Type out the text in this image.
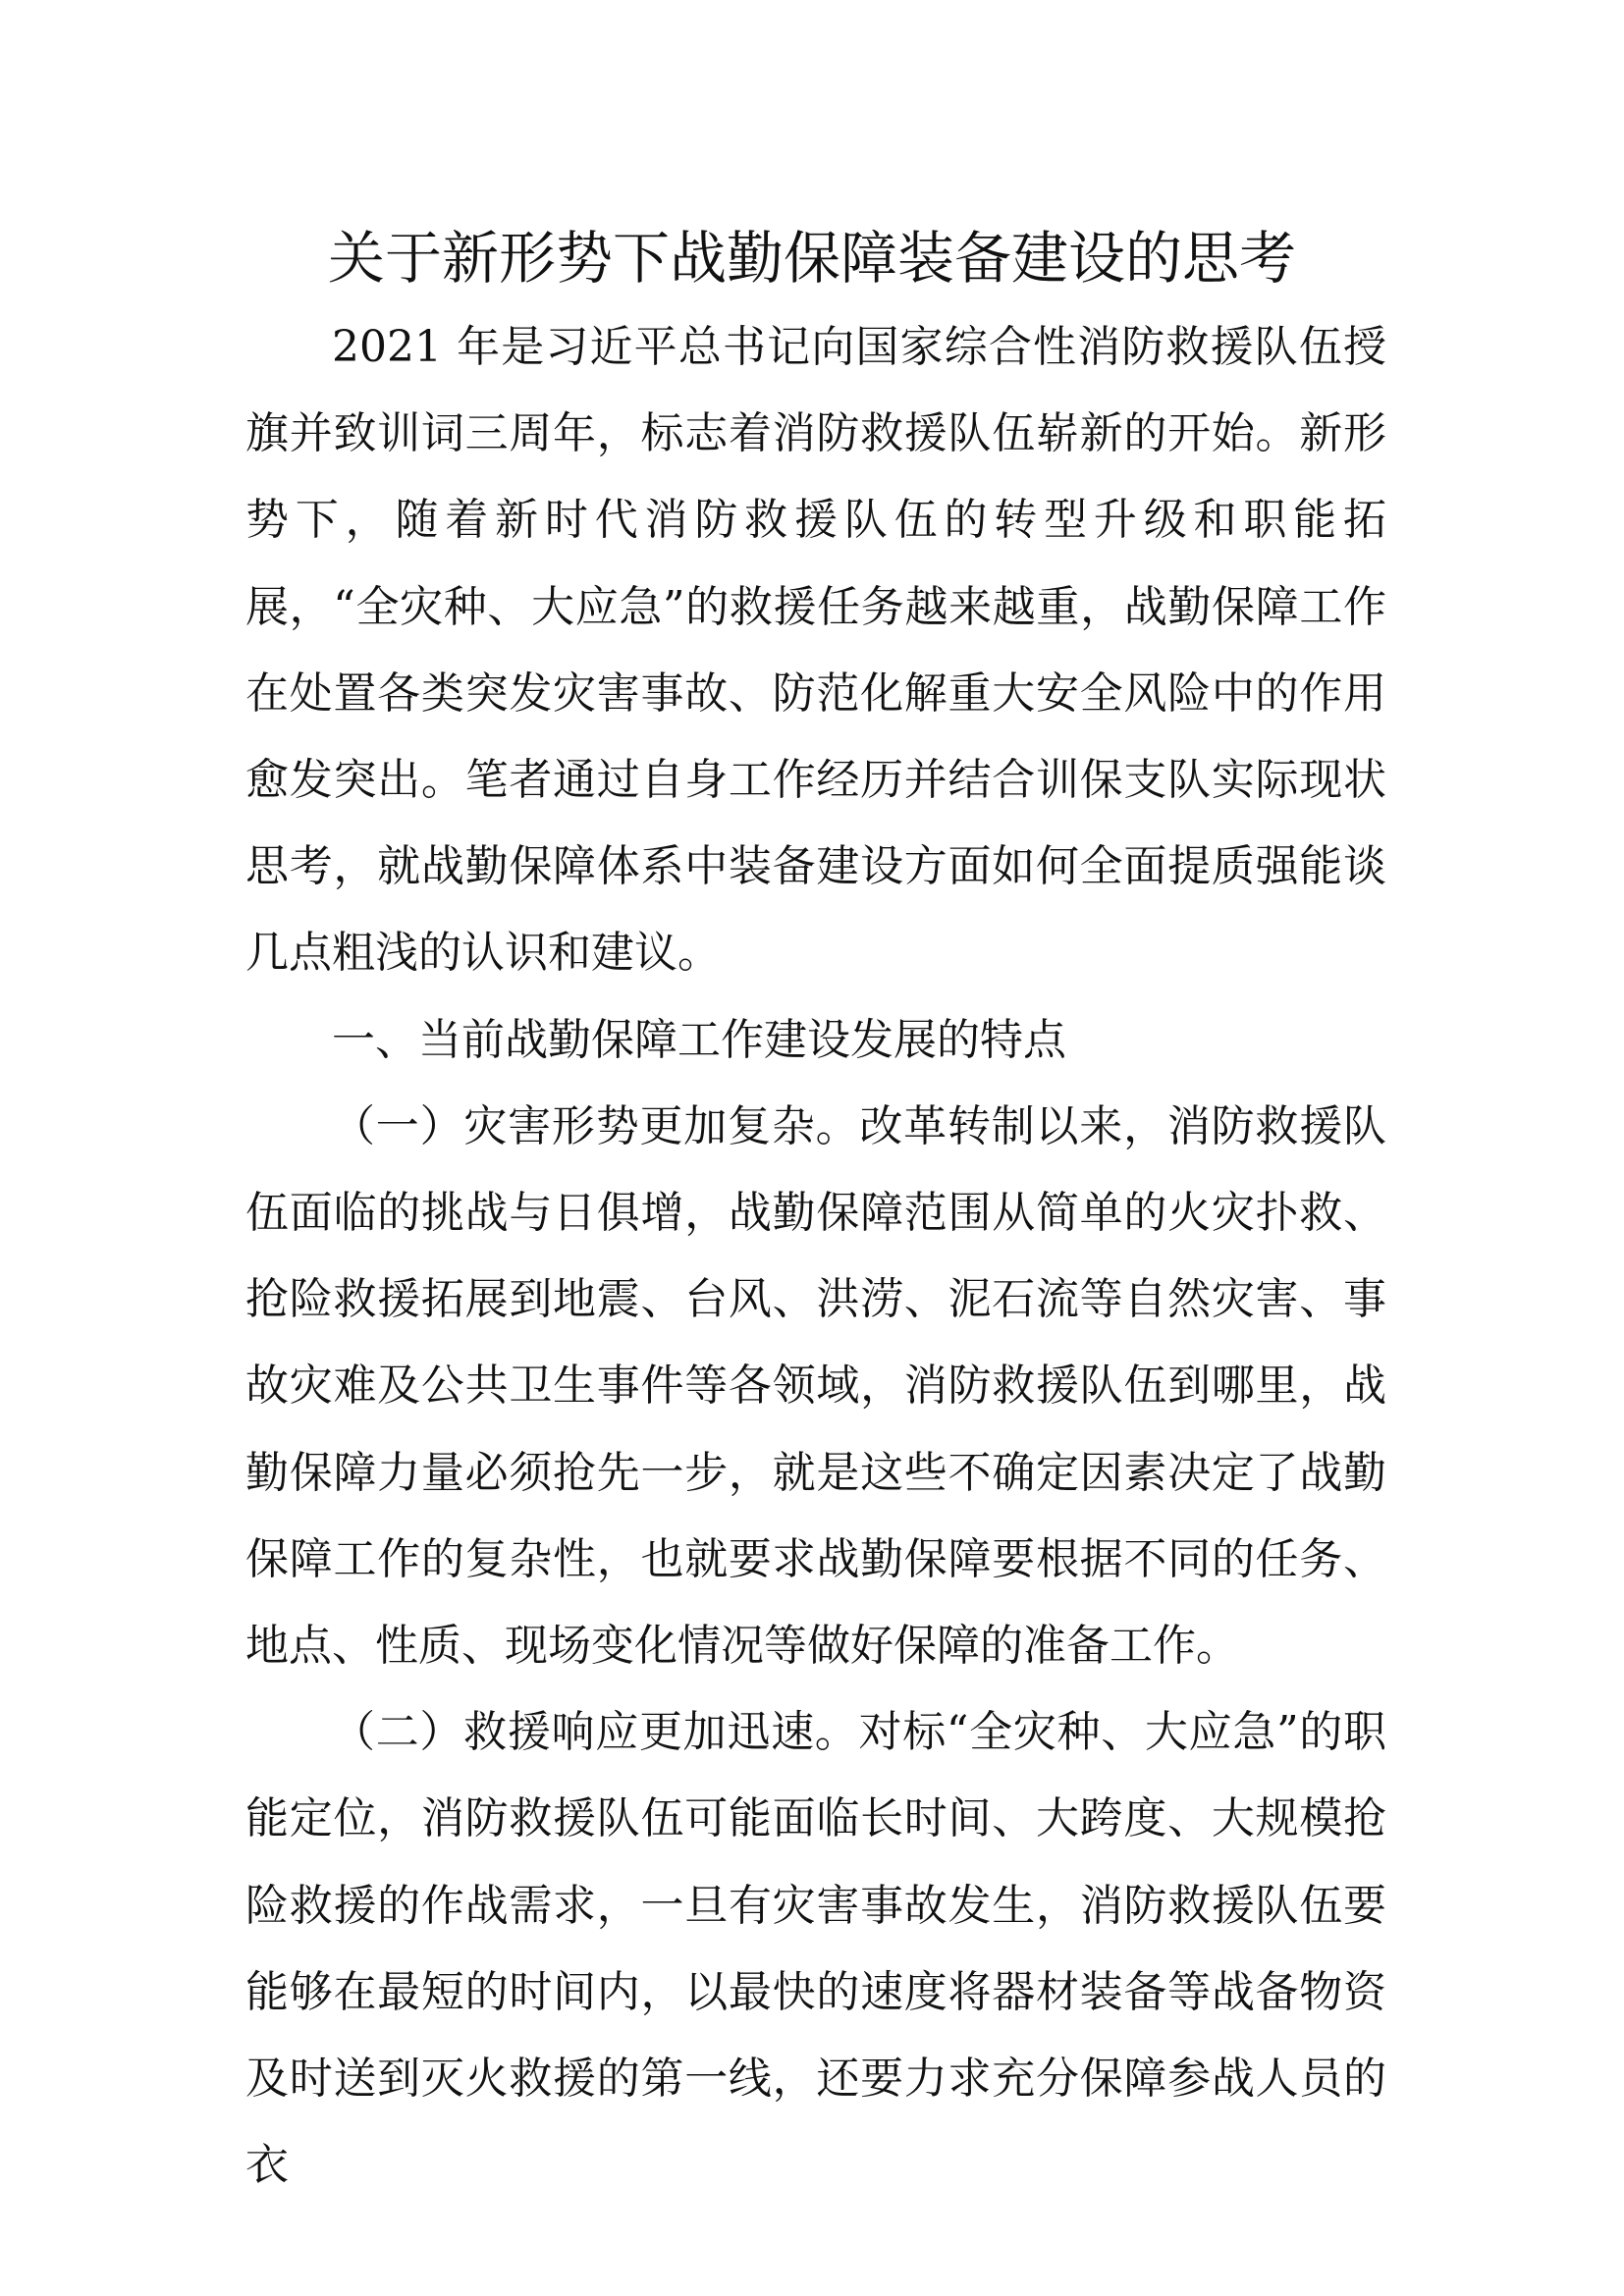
关于新形势下战勤保障装备建设的思考

2021 年是习近平总书记向国家综合性消防救援队伍授旗并致训词三周年，标志着消防救援队伍崭新的开始。新形势下，随着新时代消防救援队伍的转型升级和职能拓展，“全灾种、大应急”的救援任务越来越重，战勤保障工作在处置各类突发灾害事故、防范化解重大安全风险中的作用愈发突出。笔者通过自身工作经历并结合训保支队实际现状思考，就战勤保障体系中装备建设方面如何全面提质强能谈几点粗浅的认识和建议。

一、当前战勤保障工作建设发展的特点

（一）灾害形势更加复杂。改革转制以来，消防救援队伍面临的挑战与日俱增，战勤保障范围从简单的火灾扑救、抢险救援拓展到地震、台风、洪涝、泥石流等自然灾害、事故灾难及公共卫生事件等各领域，消防救援队伍到哪里，战勤保障力量必须抢先一步，就是这些不确定因素决定了战勤保障工作的复杂性，也就要求战勤保障要根据不同的任务、地点、性质、现场变化情况等做好保障的准备工作。

（二）救援响应更加迅速。对标“全灾种、大应急”的职能定位，消防救援队伍可能面临长时间、大跨度、大规模抢险救援的作战需求，一旦有灾害事故发生，消防救援队伍要能够在最短的时间内，以最快的速度将器材装备等战备物资及时送到灭火救援的第一线，还要力求充分保障参战人员的衣
